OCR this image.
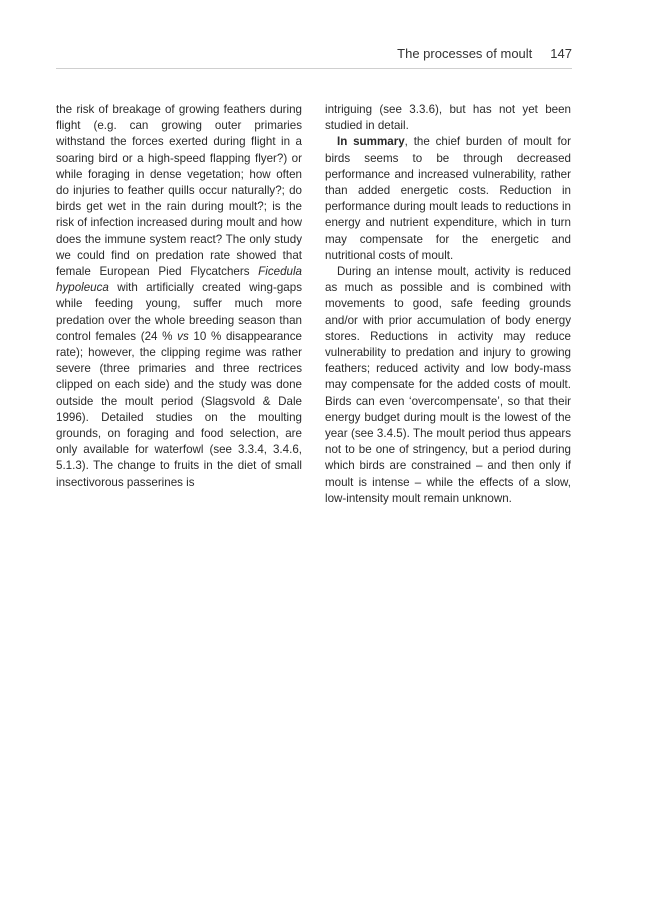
The processes of moult 147

the risk of breakage of growing feathers during flight (e.g. can growing outer primaries withstand the forces exerted during flight in a soaring bird or a high-speed flapping flyer?) or while foraging in dense vegetation; how often do injuries to feather quills occur naturally?; do birds get wet in the rain during moult?; is the risk of infection increased during moult and how does the immune system react? The only study we could find on predation rate showed that female European Pied Flycatchers Ficedula hypoleuca with artificially created wing-gaps while feeding young, suffer much more predation over the whole breeding season than control females (24 % vs 10 % disappearance rate); however, the clipping regime was rather severe (three primaries and three rectrices clipped on each side) and the study was done outside the moult period (Slagsvold & Dale 1996). Detailed studies on the moulting grounds, on foraging and food selection, are only available for waterfowl (see 3.3.4, 3.4.6, 5.1.3). The change to fruits in the diet of small insectivorous passerines is

intriguing (see 3.3.6), but has not yet been studied in detail.

In summary, the chief burden of moult for birds seems to be through decreased performance and increased vulnerability, rather than added energetic costs. Reduction in performance during moult leads to reductions in energy and nutrient expenditure, which in turn may compensate for the energetic and nutritional costs of moult.

During an intense moult, activity is reduced as much as possible and is combined with movements to good, safe feeding grounds and/or with prior accumulation of body energy stores. Reductions in activity may reduce vulnerability to predation and injury to growing feathers; reduced activity and low body-mass may compensate for the added costs of moult. Birds can even ‘overcompensate’, so that their energy budget during moult is the lowest of the year (see 3.4.5). The moult period thus appears not to be one of stringency, but a period during which birds are constrained – and then only if moult is intense – while the effects of a slow, low-intensity moult remain unknown.
